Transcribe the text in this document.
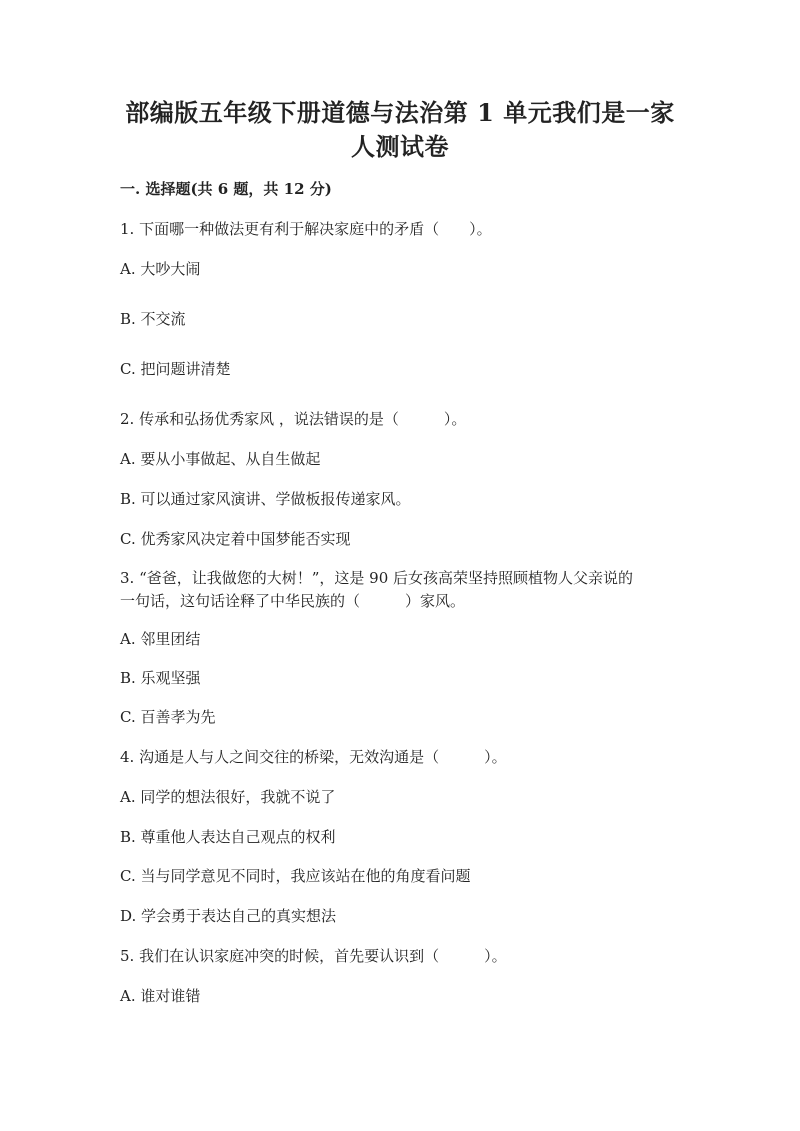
部编版五年级下册道德与法治第 1 单元我们是一家
人测试卷
一. 选择题(共 6 题，共 12 分)
1. 下面哪一种做法更有利于解决家庭中的矛盾（　　）。
A. 大吵大闹
B. 不交流
C. 把问题讲清楚
2. 传承和弘扬优秀家风 ，说法错误的是（　　　）。
A. 要从小事做起、从自生做起
B. 可以通过家风演讲、学做板报传递家风。
C. 优秀家风决定着中国梦能否实现
3. “爸爸，让我做您的大树！”，这是 90 后女孩高荣坚持照顾植物人父亲说的
一句话，这句话诠释了中华民族的（　　　）家风。
A. 邻里团结
B. 乐观坚强
C. 百善孝为先
4. 沟通是人与人之间交往的桥梁，无效沟通是（　　　）。
A. 同学的想法很好，我就不说了
B. 尊重他人表达自己观点的权利
C. 当与同学意见不同时，我应该站在他的角度看问题
D. 学会勇于表达自己的真实想法
5. 我们在认识家庭冲突的时候，首先要认识到（　　　）。
A. 谁对谁错
